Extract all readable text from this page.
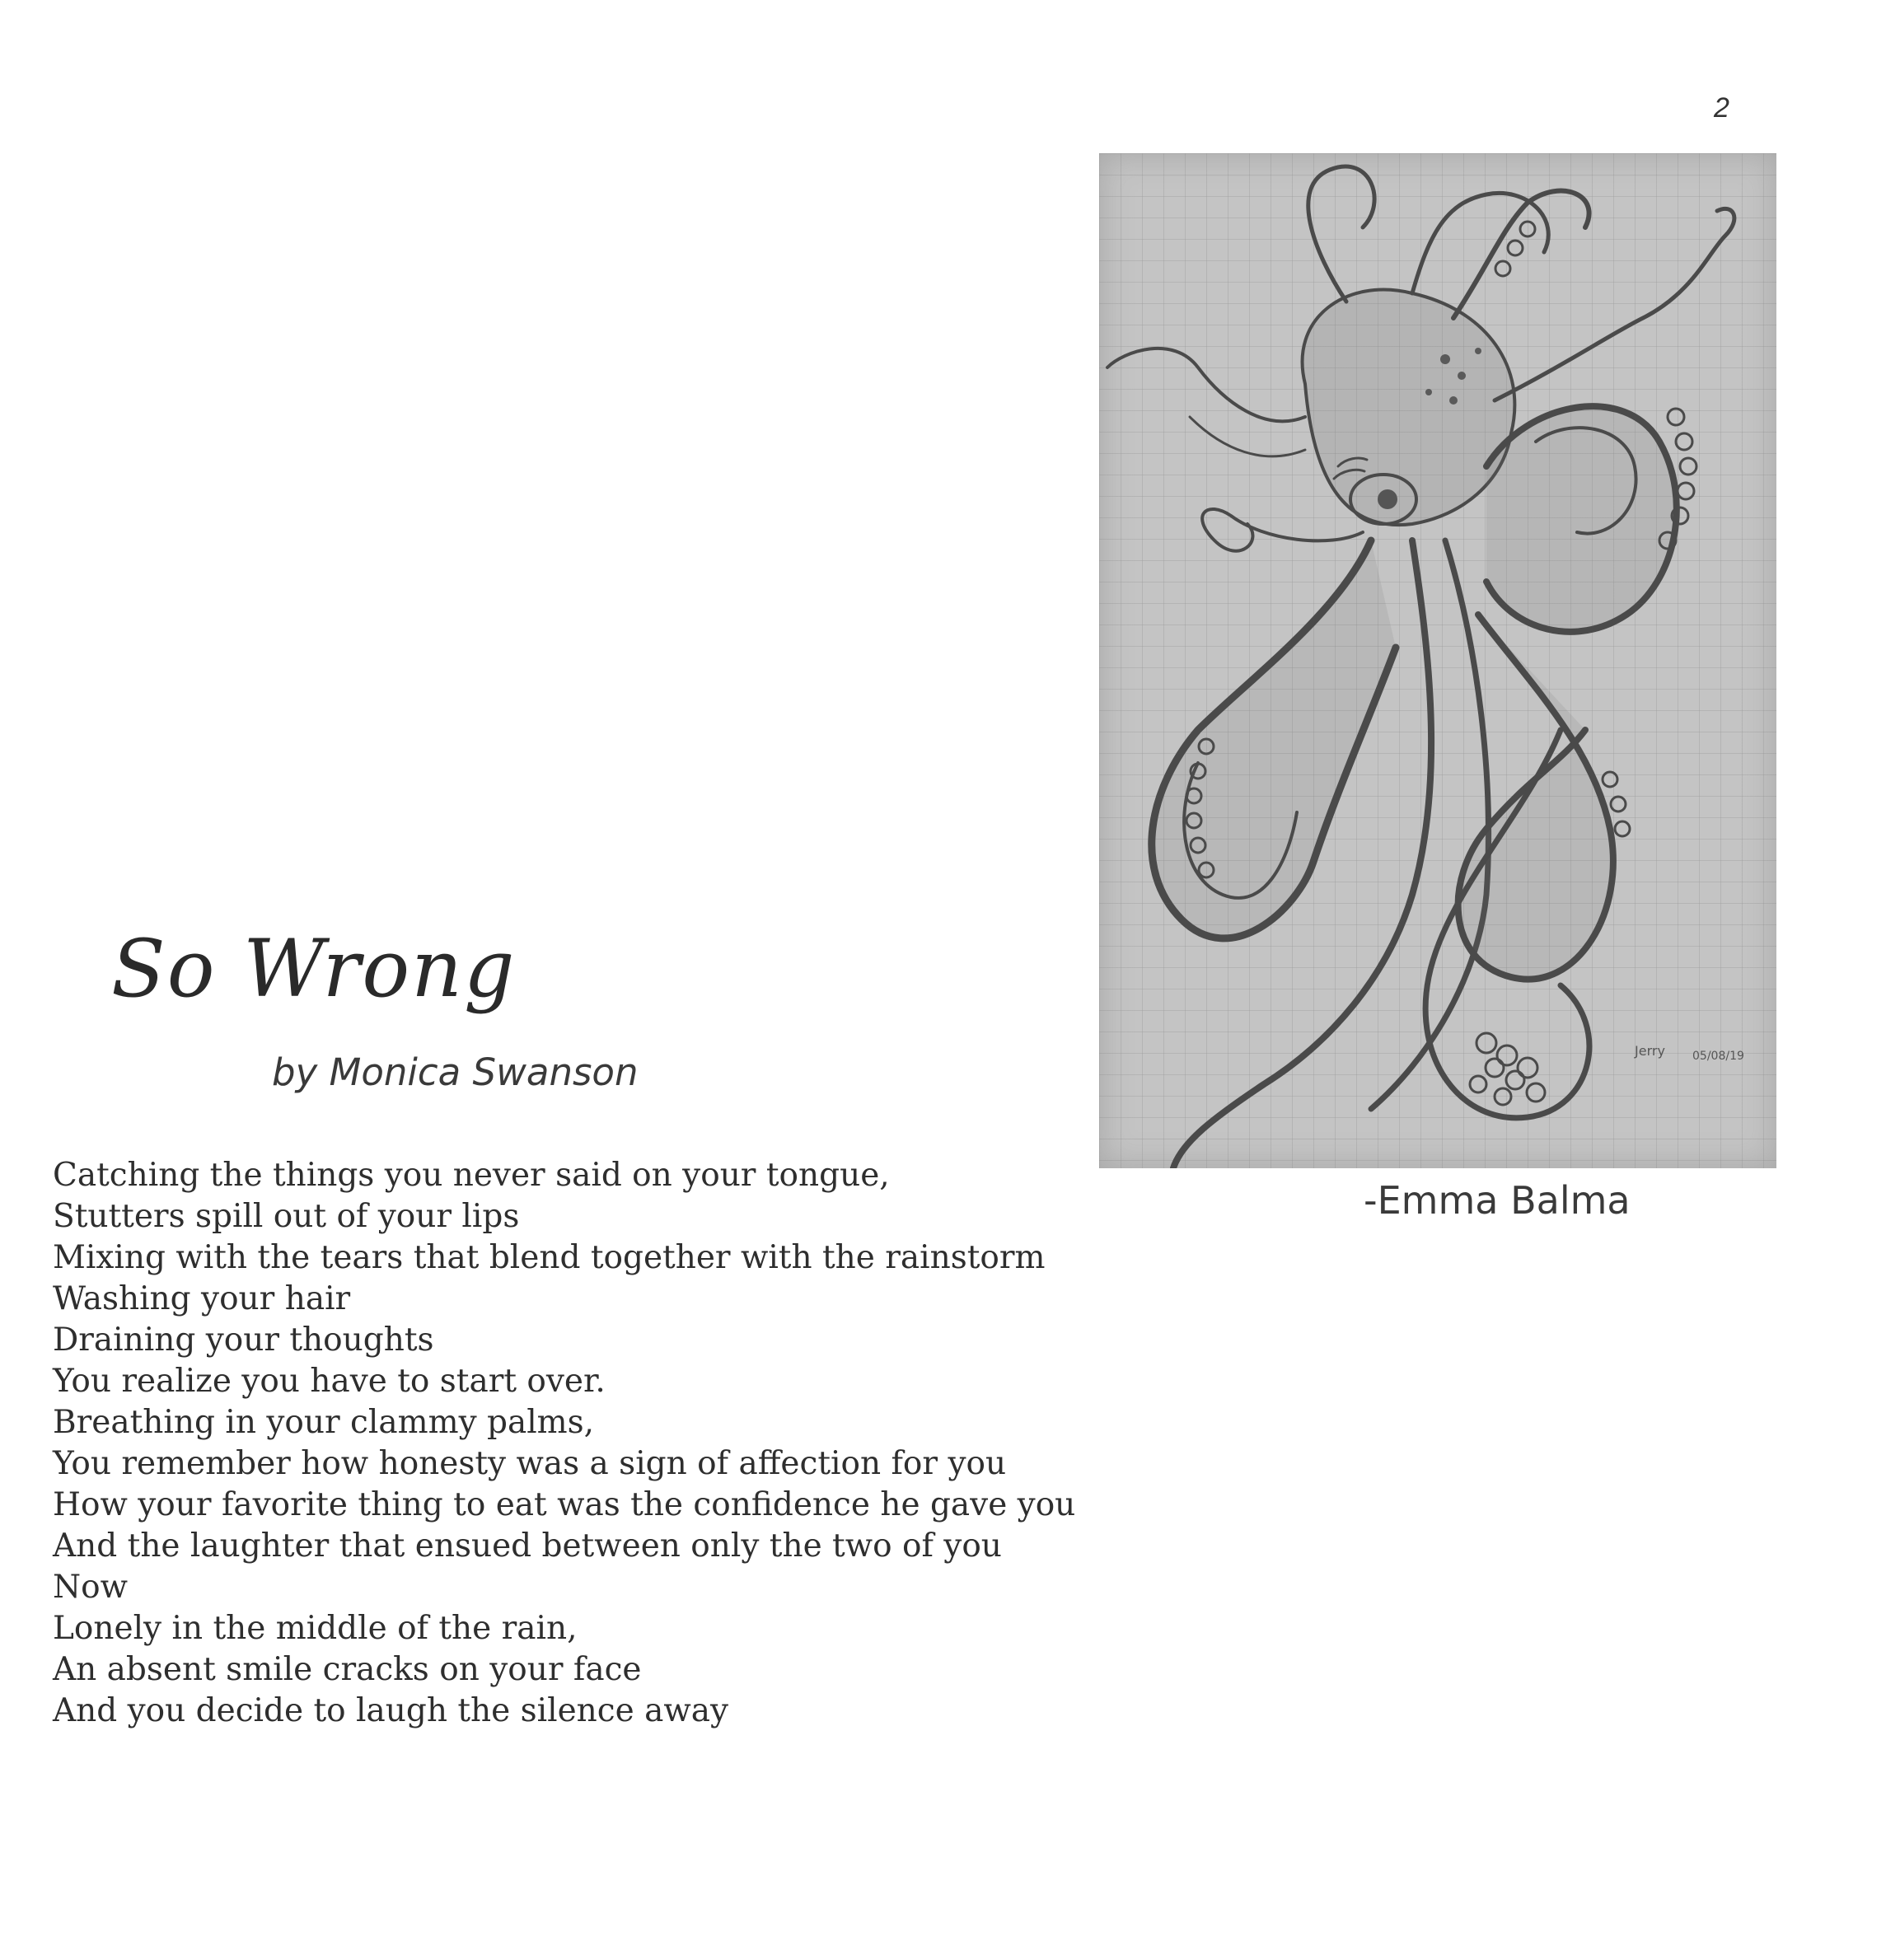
2
Jerry 05/08/19
-Emma Balma
So Wrong
by Monica Swanson
Catching the things you never said on your tongue,
Stutters spill out of your lips
Mixing with the tears that blend together with the rainstorm
Washing your hair
Draining your thoughts
You realize you have to start over.
Breathing in your clammy palms,
You remember how honesty was a sign of affection for you
How your favorite thing to eat was the confidence he gave you
And the laughter that ensued between only the two of you
Now
Lonely in the middle of the rain,
An absent smile cracks on your face
And you decide to laugh the silence away
